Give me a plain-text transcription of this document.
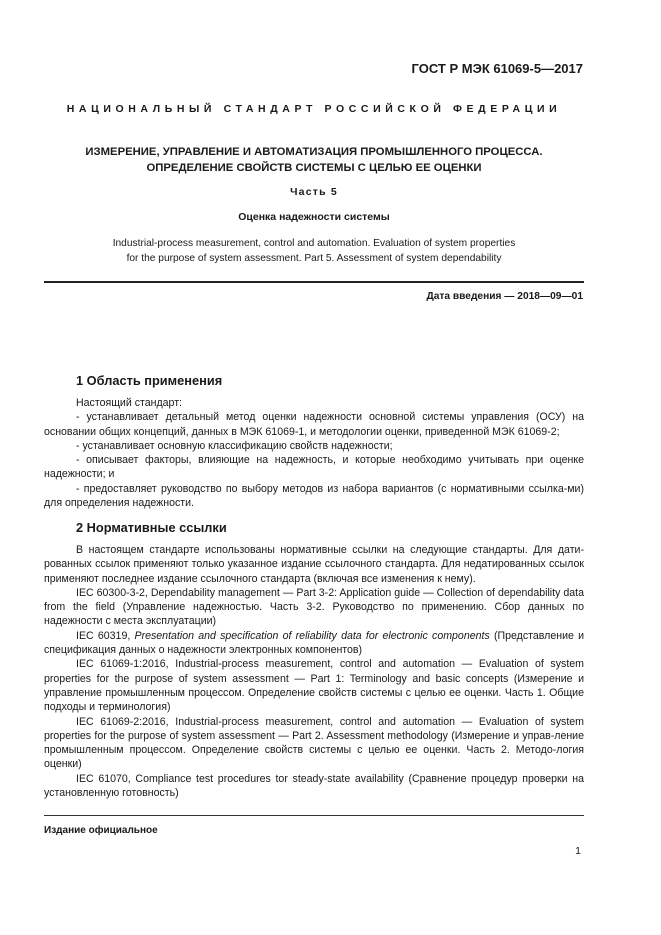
ГОСТ Р МЭК 61069-5—2017
НАЦИОНАЛЬНЫЙ СТАНДАРТ РОССИЙСКОЙ ФЕДЕРАЦИИ
ИЗМЕРЕНИЕ, УПРАВЛЕНИЕ И АВТОМАТИЗАЦИЯ ПРОМЫШЛЕННОГО ПРОЦЕССА.
ОПРЕДЕЛЕНИЕ СВОЙСТВ СИСТЕМЫ С ЦЕЛЬЮ ЕЕ ОЦЕНКИ
Часть 5
Оценка надежности системы
Industrial-process measurement, control and automation. Evaluation of system properties
for the purpose of system assessment. Part 5. Assessment of system dependability
Дата введения — 2018—09—01
1 Область применения

Настоящий стандарт:

- устанавливает детальный метод оценки надежности основной системы управления (ОСУ) на основании общих концепций, данных в МЭК 61069-1, и методологии оценки, приведенной МЭК 61069-2;

- устанавливает основную классификацию свойств надежности;

- описывает факторы, влияющие на надежность, и которые необходимо учитывать при оценке надежности; и

- предоставляет руководство по выбору методов из набора вариантов (с нормативными ссылка-ми) для определения надежности.

2 Нормативные ссылки

В настоящем стандарте использованы нормативные ссылки на следующие стандарты. Для дати-рованных ссылок применяют только указанное издание ссылочного стандарта. Для недатированных ссылок применяют последнее издание ссылочного стандарта (включая все изменения к нему).

IEC 60300-3-2, Dependability management — Part 3-2: Application guide — Collection of dependability data from the field (Управление надежностью. Часть 3-2. Руководство по применению. Сбор данных по надежности с места эксплуатации)

IEC 60319, Presentation and specification of reliability data for electronic components (Представление и спецификация данных о надежности электронных компонентов)

IEC 61069-1:2016, Industrial-process measurement, control and automation — Evaluation of system properties for the purpose of system assessment — Part 1: Terminology and basic concepts (Измерение и управление промышленным процессом. Определение свойств системы с целью ее оценки. Часть 1. Общие подходы и терминология)

IEC 61069-2:2016, Industrial-process measurement, control and automation — Evaluation of system properties for the purpose of system assessment — Part 2. Assessment methodology (Измерение и управ-ление промышленным процессом. Определение свойств системы с целью ее оценки. Часть 2. Методо-логия оценки)

IEC 61070, Compliance test procedures tor steady-state availability (Сравнение процедур проверки на установленную готовность)

Издание официальное
1
